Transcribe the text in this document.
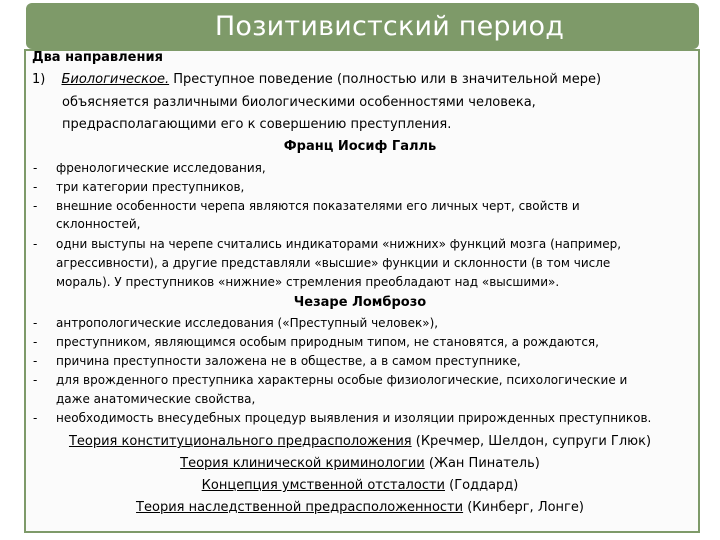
Позитивистский период
Два направления
1) Биологическое. Преступное поведение (полностью или в значительной мере)
объясняется различными биологическими особенностями человека,
предрасполагающими его к совершению преступления.
Франц Иосиф Галль
- френологические исследования,
- три категории преступников,
- внешние особенности черепа являются показателями его личных черт, свойств и
склонностей,
- одни выступы на черепе считались индикаторами «нижних» функций мозга (например,
агрессивности), а другие представляли «высшие» функции и склонности (в том числе
мораль). У преступников «нижние» стремления преобладают над «высшими».
Чезаре Ломброзо
- антропологические исследования («Преступный человек»),
- преступником, являющимся особым природным типом, не становятся, а рождаются,
- причина преступности заложена не в обществе, а в самом преступнике,
- для врожденного преступника характерны особые физиологические, психологические и
даже анатомические свойства,
- необходимость внесудебных процедур выявления и изоляции прирожденных преступников.
Теория конституционального предрасположения (Кречмер, Шелдон, супруги Глюк)
Теория клинической криминологии (Жан Пинатель)
Концепция умственной отсталости (Годдард)
Теория наследственной предрасположенности (Кинберг, Лонге)
